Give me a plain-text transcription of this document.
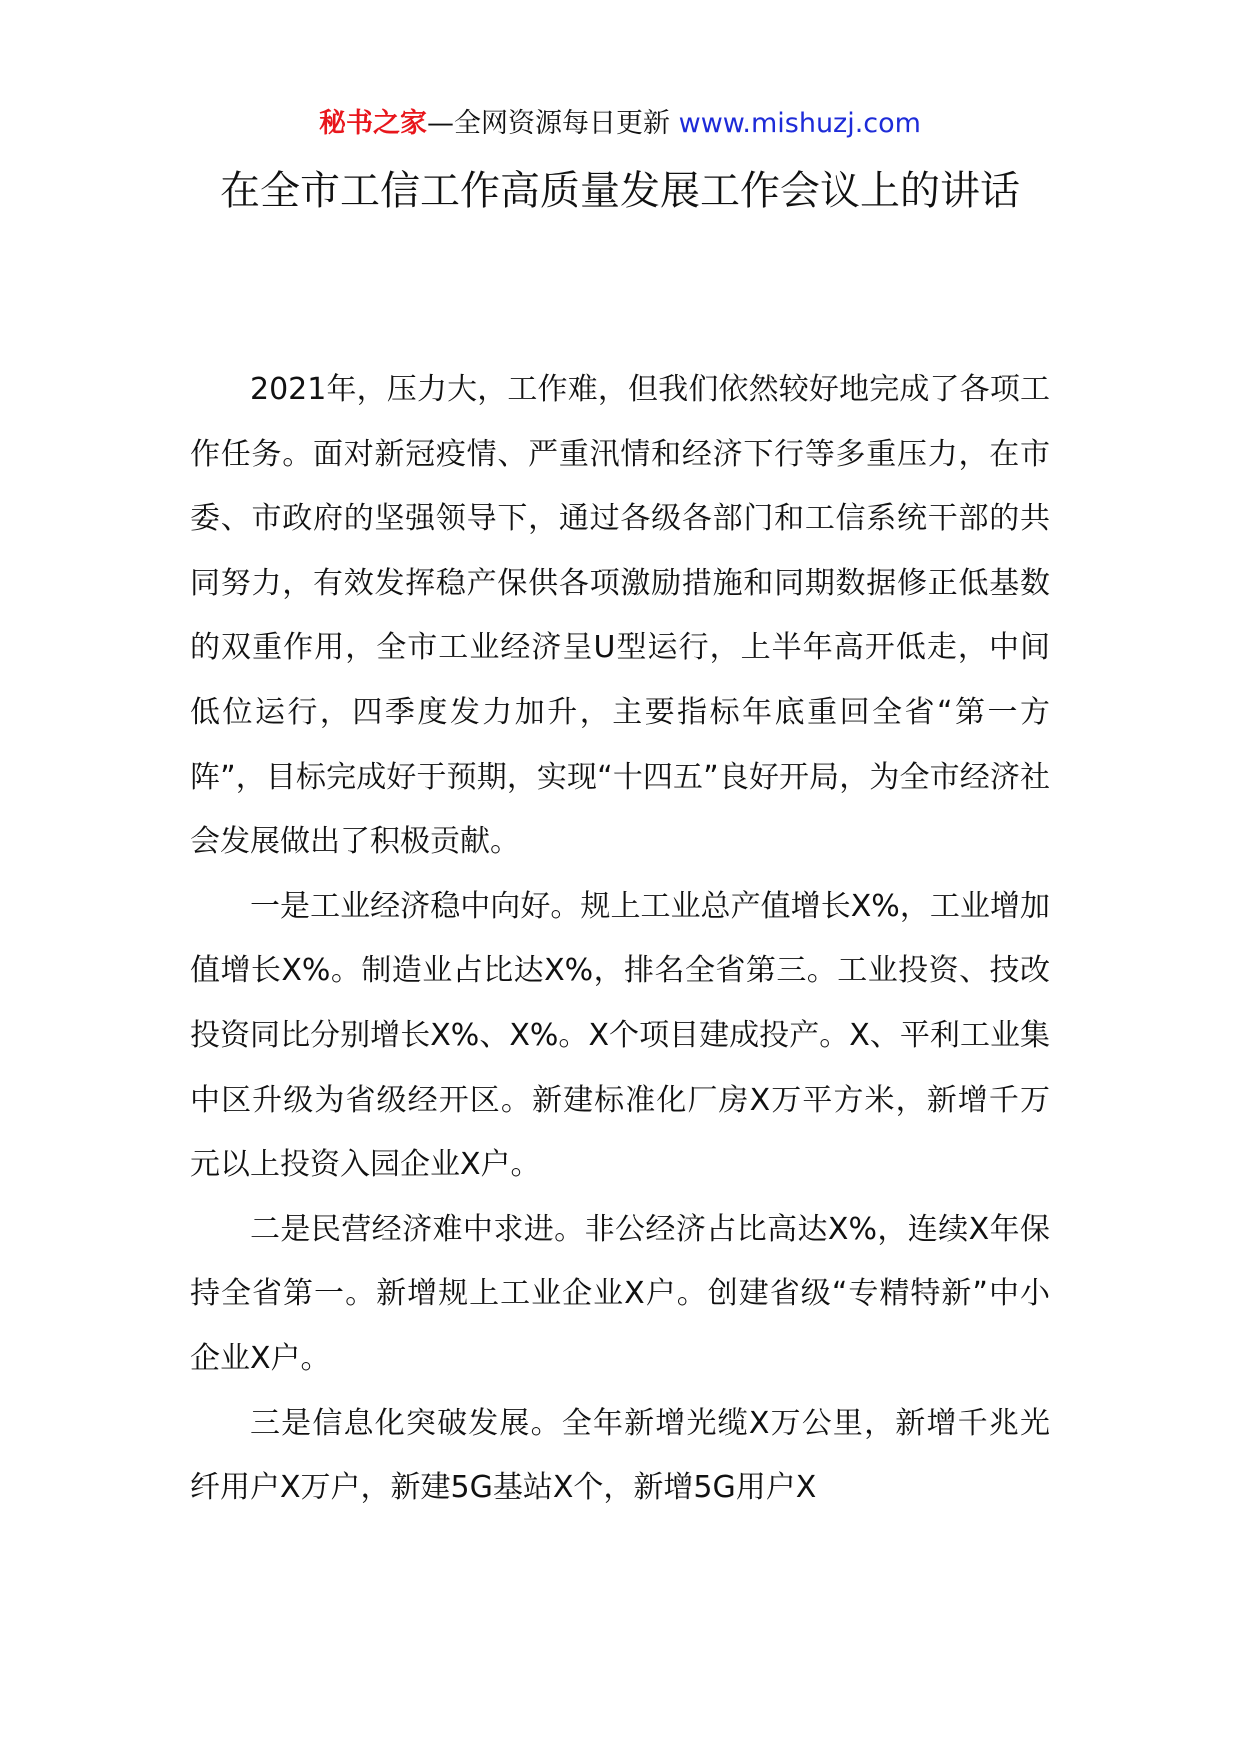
秘书之家—全网资源每日更新 www.mishuzj.com
在全市工信工作高质量发展工作会议上的讲话

2021年，压力大，工作难，但我们依然较好地完成了各项工作任务。面对新冠疫情、严重汛情和经济下行等多重压力，在市委、市政府的坚强领导下，通过各级各部门和工信系统干部的共同努力，有效发挥稳产保供各项激励措施和同期数据修正低基数的双重作用，全市工业经济呈U型运行，上半年高开低走，中间低位运行，四季度发力加升，主要指标年底重回全省“第一方阵”，目标完成好于预期，实现“十四五”良好开局，为全市经济社会发展做出了积极贡献。

一是工业经济稳中向好。规上工业总产值增长X%，工业增加值增长X%。制造业占比达X%，排名全省第三。工业投资、技改投资同比分别增长X%、X%。X个项目建成投产。X、平利工业集中区升级为省级经开区。新建标准化厂房X万平方米，新增千万元以上投资入园企业X户。

二是民营经济难中求进。非公经济占比高达X%，连续X年保持全省第一。新增规上工业企业X户。创建省级“专精特新”中小企业X户。

三是信息化突破发展。全年新增光缆X万公里，新增千兆光纤用户X万户，新建5G基站X个，新增5G用户X
